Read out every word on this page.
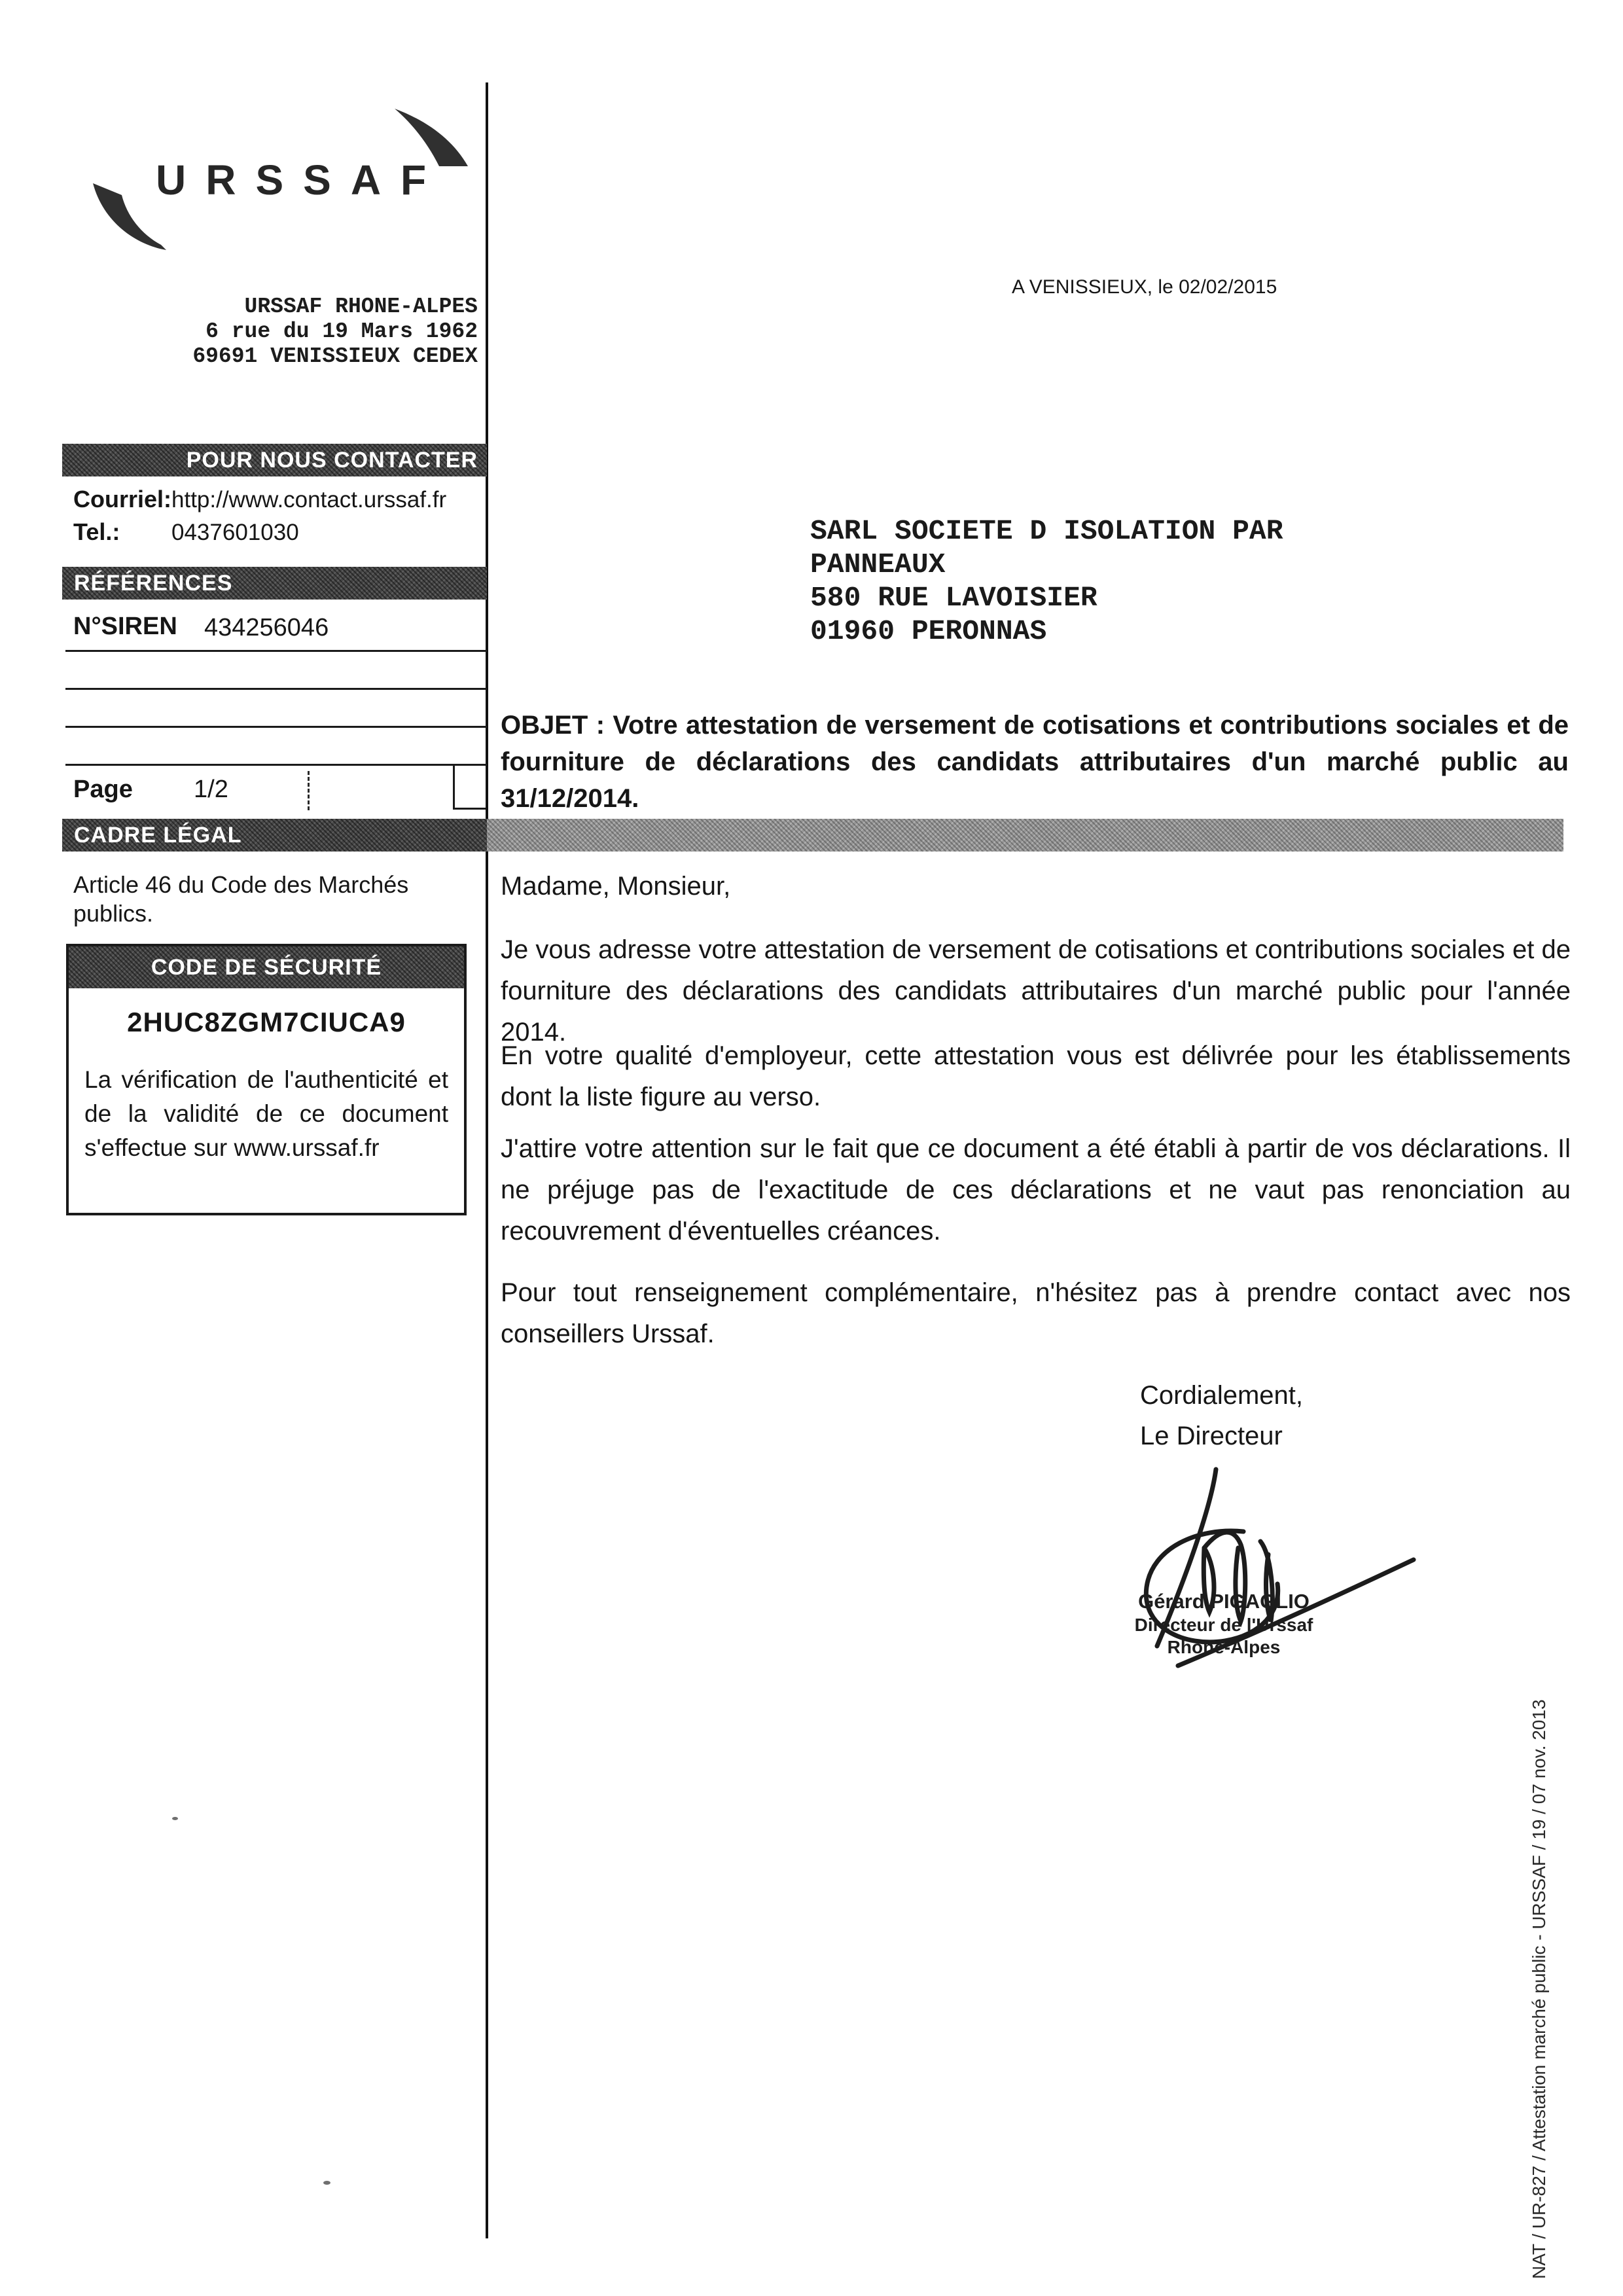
URSSAF
URSSAF RHONE-ALPES
6 rue du 19 Mars 1962
69691 VENISSIEUX CEDEX
POUR NOUS CONTACTER
Courriel: http://www.contact.urssaf.fr
Tel.: 0437601030
RÉFÉRENCES
N°SIREN 434256046
Page 1/2
CADRE LÉGAL
Article 46 du Code des Marchés publics.
CODE DE SÉCURITÉ
2HUC8ZGM7CIUCA9
La vérification de l'authenticité et de la validité de ce document s'effectue sur www.urssaf.fr
A VENISSIEUX, le 02/02/2015
SARL SOCIETE D ISOLATION PAR
PANNEAUX
580 RUE LAVOISIER
01960 PERONNAS
OBJET : Votre attestation de versement de cotisations et contributions sociales et de fourniture de déclarations des candidats attributaires d'un marché public au 31/12/2014.
Madame, Monsieur,
Je vous adresse votre attestation de versement de cotisations et contributions sociales et de fourniture des déclarations des candidats attributaires d'un marché public pour l'année 2014.
En votre qualité d'employeur, cette attestation vous est délivrée pour les établissements dont la liste figure au verso.
J'attire votre attention sur le fait que ce document a été établi à partir de vos déclarations. Il ne préjuge pas de l'exactitude de ces déclarations et ne vaut pas renonciation au recouvrement d'éventuelles créances.
Pour tout renseignement complémentaire, n'hésitez pas à prendre contact avec nos conseillers Urssaf.
Cordialement,
Le Directeur
Gérard PIGAGLIO
Directeur de l'Urssaf
Rhône-Alpes
NAT / UR-827 / Attestation marché public - URSSAF / 19 / 07 nov. 2013
